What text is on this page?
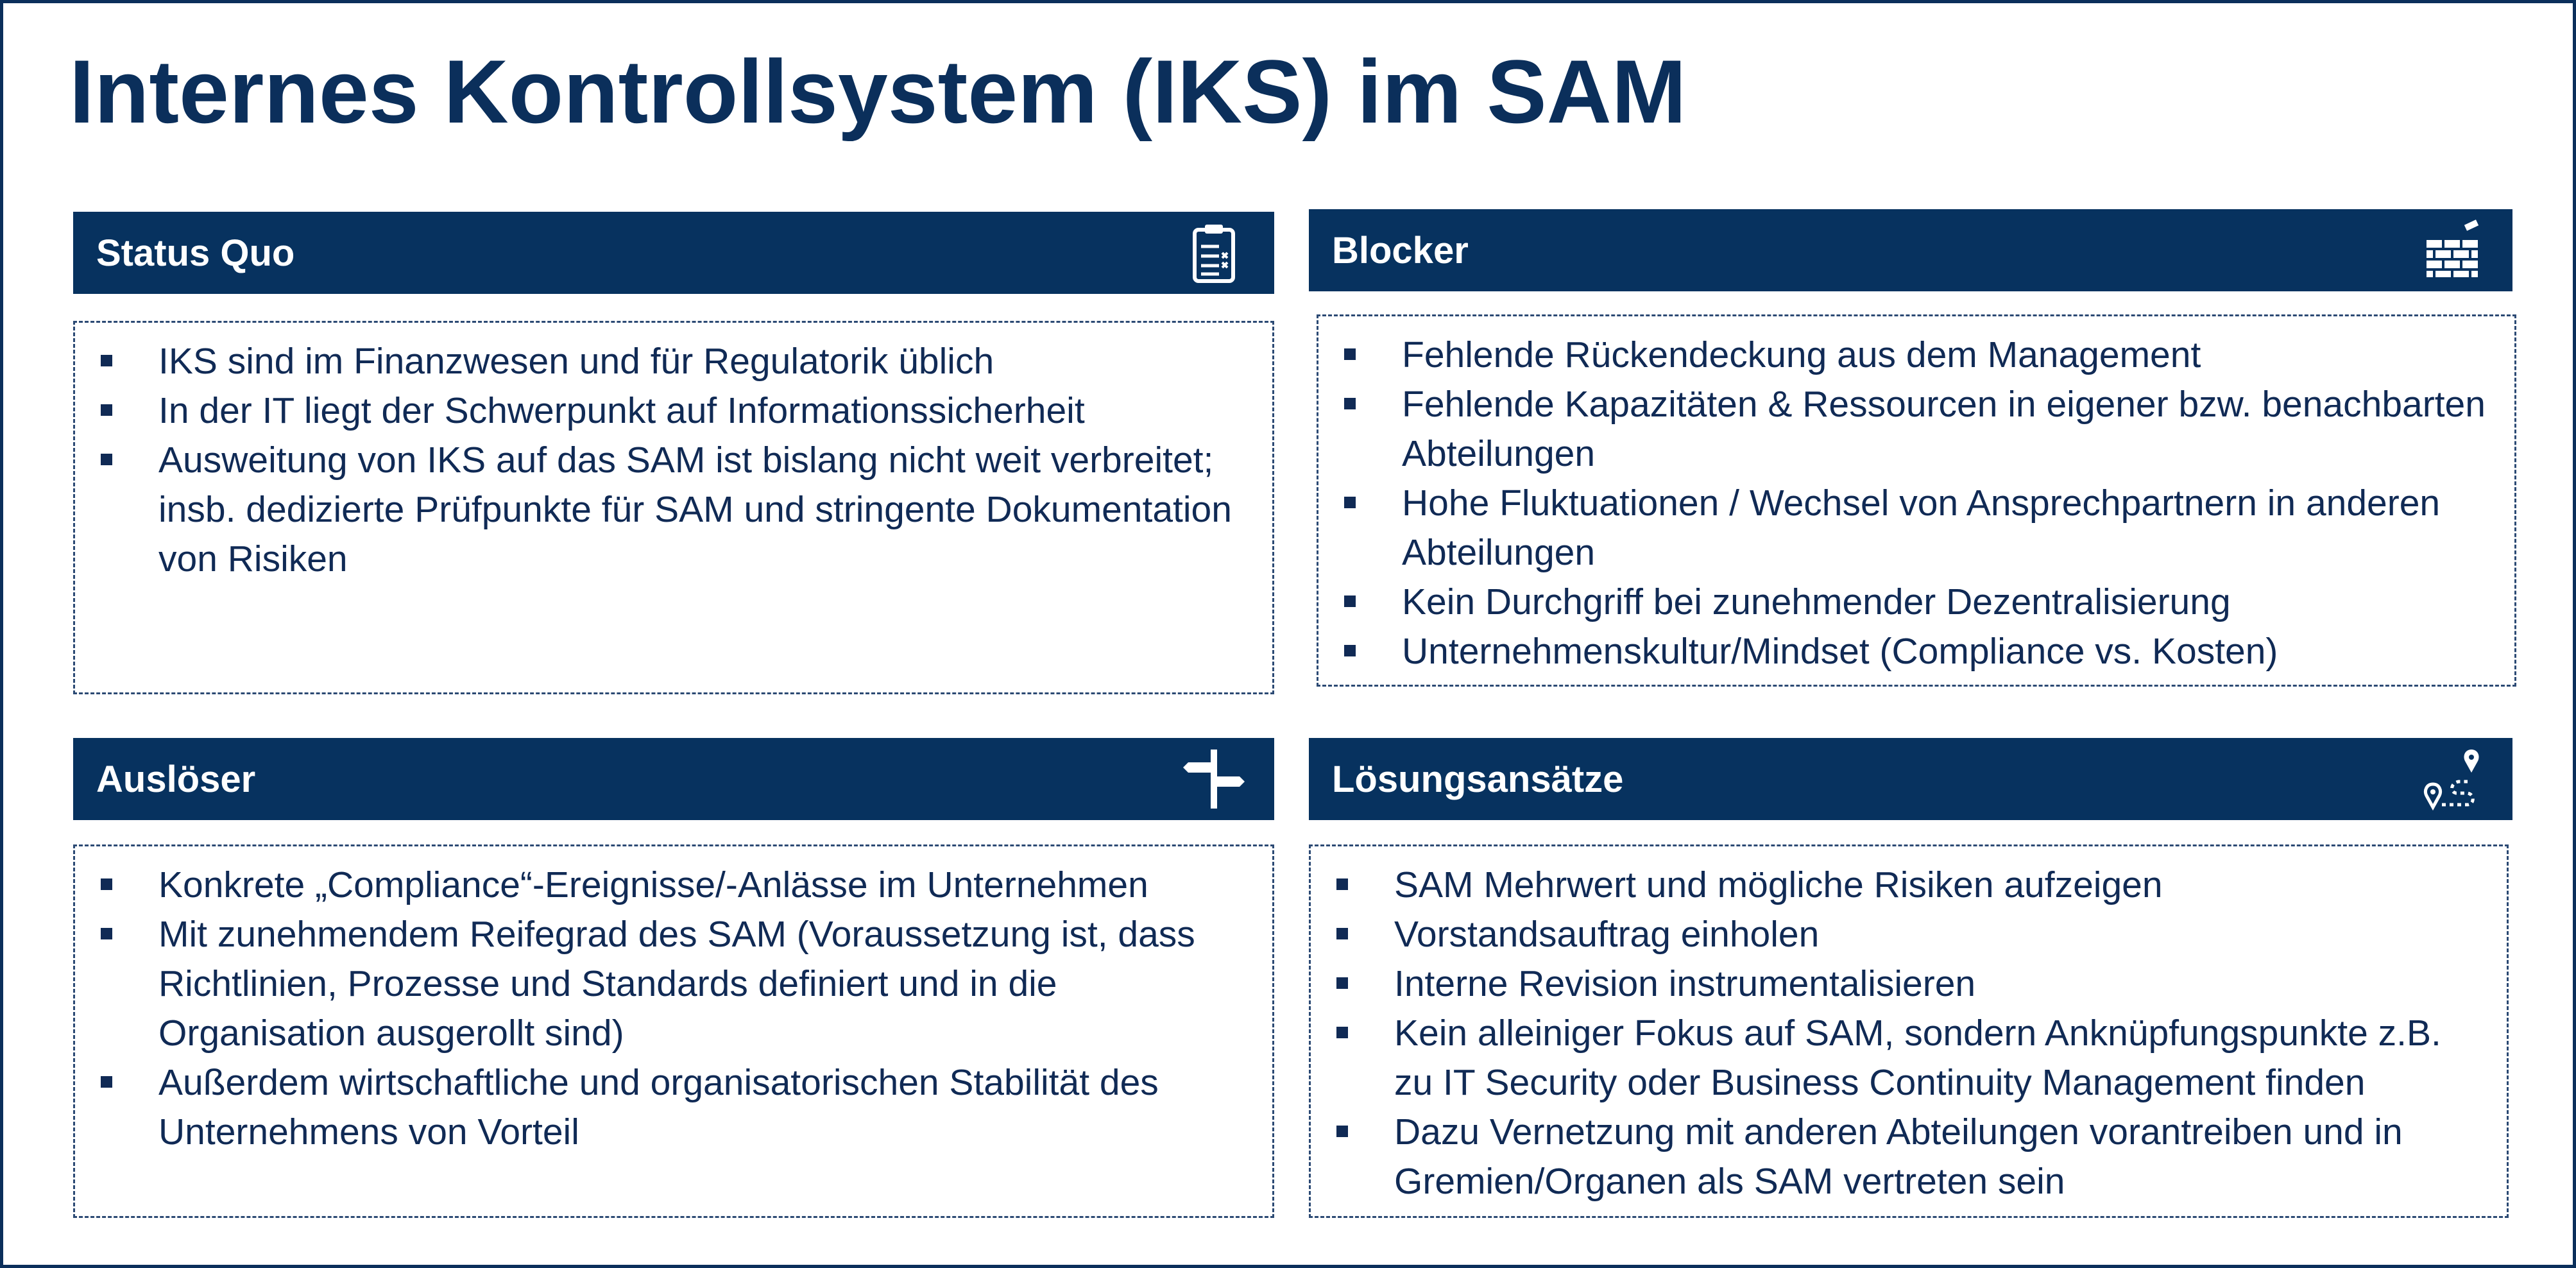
Internes Kontrollsystem (IKS) im SAM
Status Quo
IKS sind im Finanzwesen und für Regulatorik üblich
In der IT liegt der Schwerpunkt auf Informationssicherheit
Ausweitung von IKS auf das SAM ist bislang nicht weit verbreitet; insb. dedizierte Prüfpunkte für SAM und stringente Dokumentation von Risiken
Blocker
Fehlende Rückendeckung aus dem Management
Fehlende Kapazitäten & Ressourcen in eigener bzw. benachbarten Abteilungen
Hohe Fluktuationen / Wechsel von Ansprechpartnern in anderen Abteilungen
Kein Durchgriff bei zunehmender Dezentralisierung
Unternehmenskultur/Mindset (Compliance vs. Kosten)
Auslöser
Konkrete „Compliance“-Ereignisse/-Anlässe im Unternehmen
Mit zunehmendem Reifegrad des SAM (Voraussetzung ist, dass Richtlinien, Prozesse und Standards definiert und in die Organisation ausgerollt sind)
Außerdem wirtschaftliche und organisatorischen Stabilität des Unternehmens von Vorteil
Lösungsansätze
SAM Mehrwert und mögliche Risiken aufzeigen
Vorstandsauftrag einholen
Interne Revision instrumentalisieren
Kein alleiniger Fokus auf SAM, sondern Anknüpfungspunkte z.B. zu IT Security oder Business Continuity Management finden
Dazu Vernetzung mit anderen Abteilungen vorantreiben und in Gremien/Organen als SAM vertreten sein
